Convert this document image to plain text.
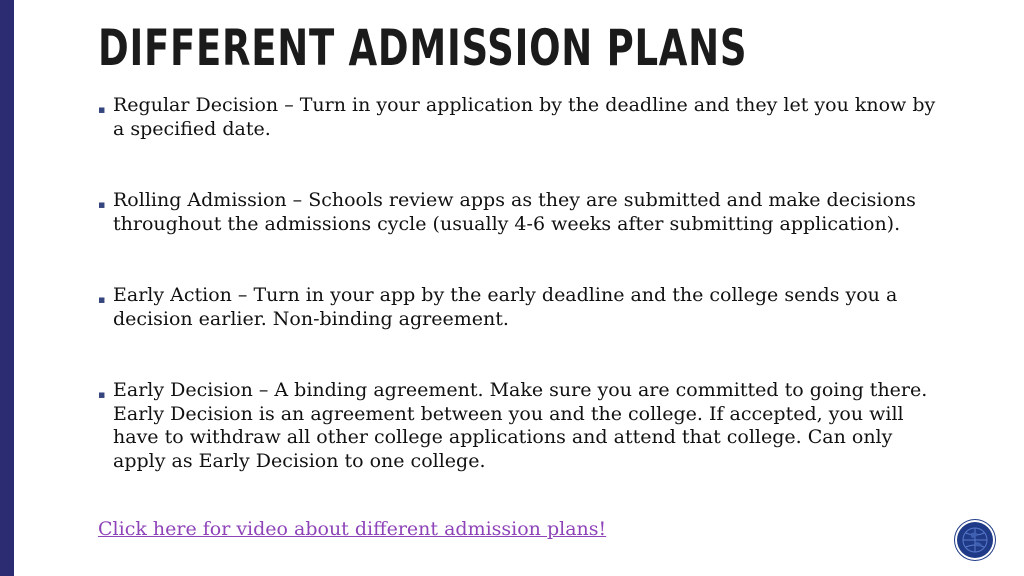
DIFFERENT ADMISSION PLANS
▪ Regular Decision – Turn in your application by the deadline and they let you know by a specified date.
▪ Rolling Admission – Schools review apps as they are submitted and make decisions throughout the admissions cycle (usually 4-6 weeks after submitting application).
▪ Early Action – Turn in your app by the early deadline and the college sends you a decision earlier. Non-binding agreement.
▪ Early Decision – A binding agreement. Make sure you are committed to going there. Early Decision is an agreement between you and the college. If accepted, you will have to withdraw all other college applications and attend that college. Can only apply as Early Decision to one college.
Click here for video about different admission plans!
